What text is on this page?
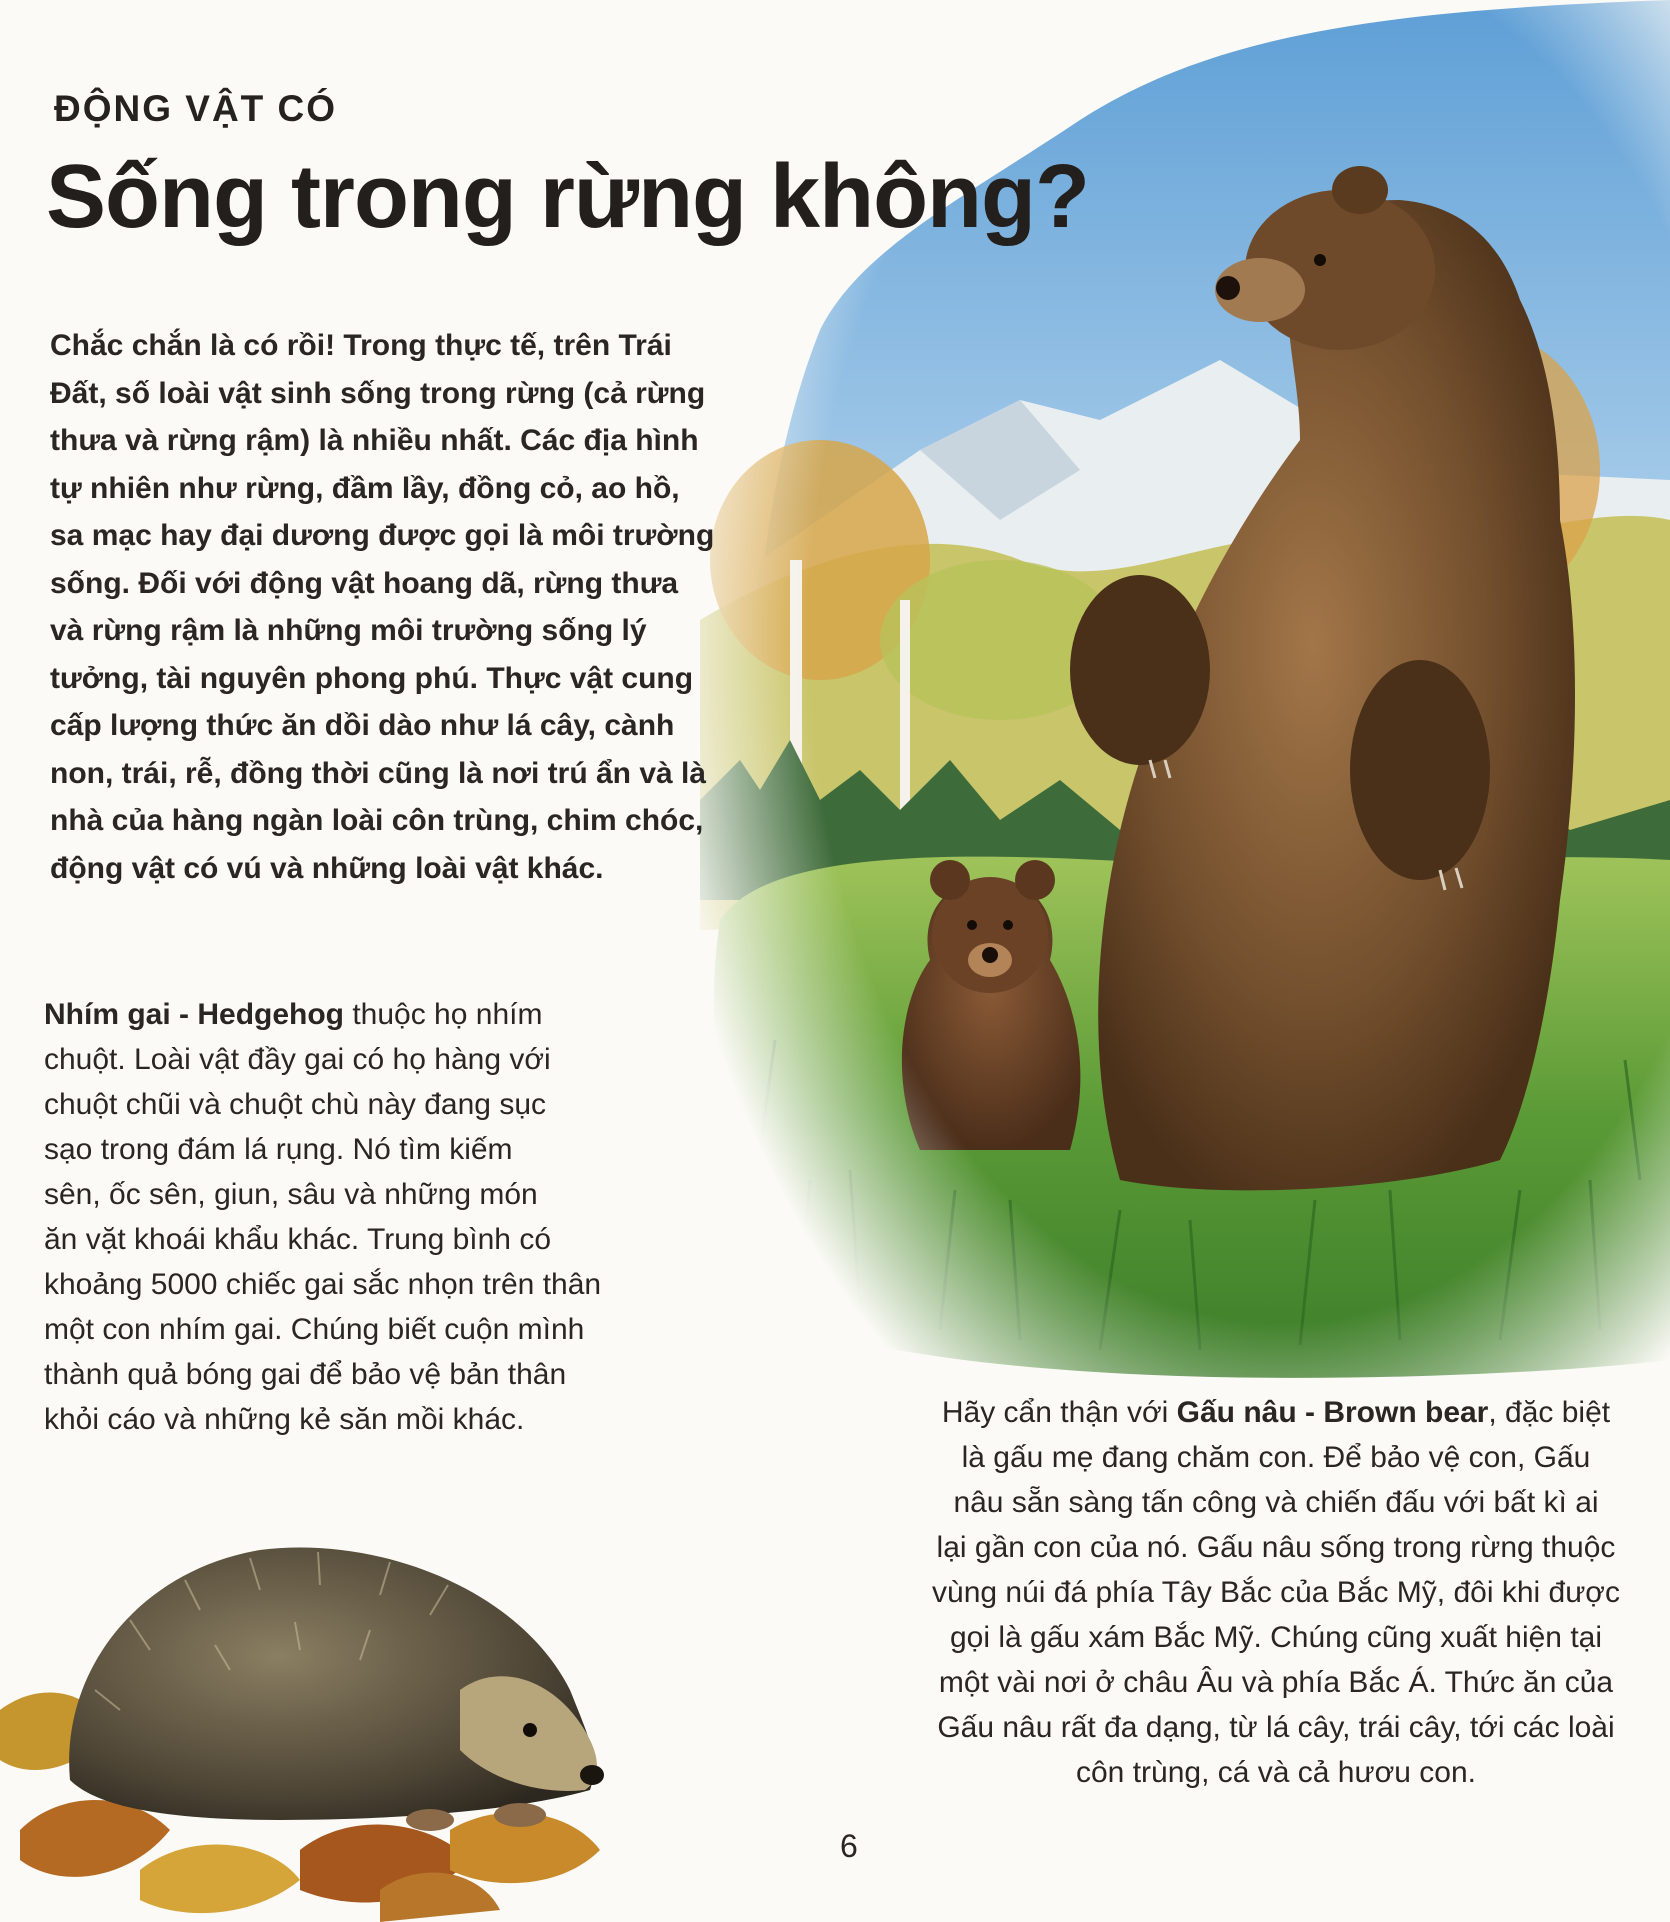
ĐỘNG VẬT CÓ
Sống trong rừng không?

Chắc chắn là có rồi! Trong thực tế, trên Trái
Đất, số loài vật sinh sống trong rừng (cả rừng
thưa và rừng rậm) là nhiều nhất. Các địa hình
tự nhiên như rừng, đầm lầy, đồng cỏ, ao hồ,
sa mạc hay đại dương được gọi là môi trường
sống. Đối với động vật hoang dã, rừng thưa
và rừng rậm là những môi trường sống lý
tưởng, tài nguyên phong phú. Thực vật cung
cấp lượng thức ăn dồi dào như lá cây, cành
non, trái, rễ, đồng thời cũng là nơi trú ẩn và là
nhà của hàng ngàn loài côn trùng, chim chóc,
động vật có vú và những loài vật khác.

Nhím gai - Hedgehog thuộc họ nhím
chuột. Loài vật đầy gai có họ hàng với
chuột chũi và chuột chù này đang sục
sạo trong đám lá rụng. Nó tìm kiếm
sên, ốc sên, giun, sâu và những món
ăn vặt khoái khẩu khác. Trung bình có
khoảng 5000 chiếc gai sắc nhọn trên thân
một con nhím gai. Chúng biết cuộn mình
thành quả bóng gai để bảo vệ bản thân
khỏi cáo và những kẻ săn mồi khác.	Hãy cẩn thận với Gấu nâu - Brown bear, đặc biệt
là gấu mẹ đang chăm con. Để bảo vệ con, Gấu
nâu sẵn sàng tấn công và chiến đấu với bất kì ai
lại gần con của nó. Gấu nâu sống trong rừng thuộc
vùng núi đá phía Tây Bắc của Bắc Mỹ, đôi khi được
gọi là gấu xám Bắc Mỹ. Chúng cũng xuất hiện tại
một vài nơi ở châu Âu và phía Bắc Á. Thức ăn của
Gấu nâu rất đa dạng, từ lá cây, trái cây, tới các loài
côn trùng, cá và cả hươu con.

6
